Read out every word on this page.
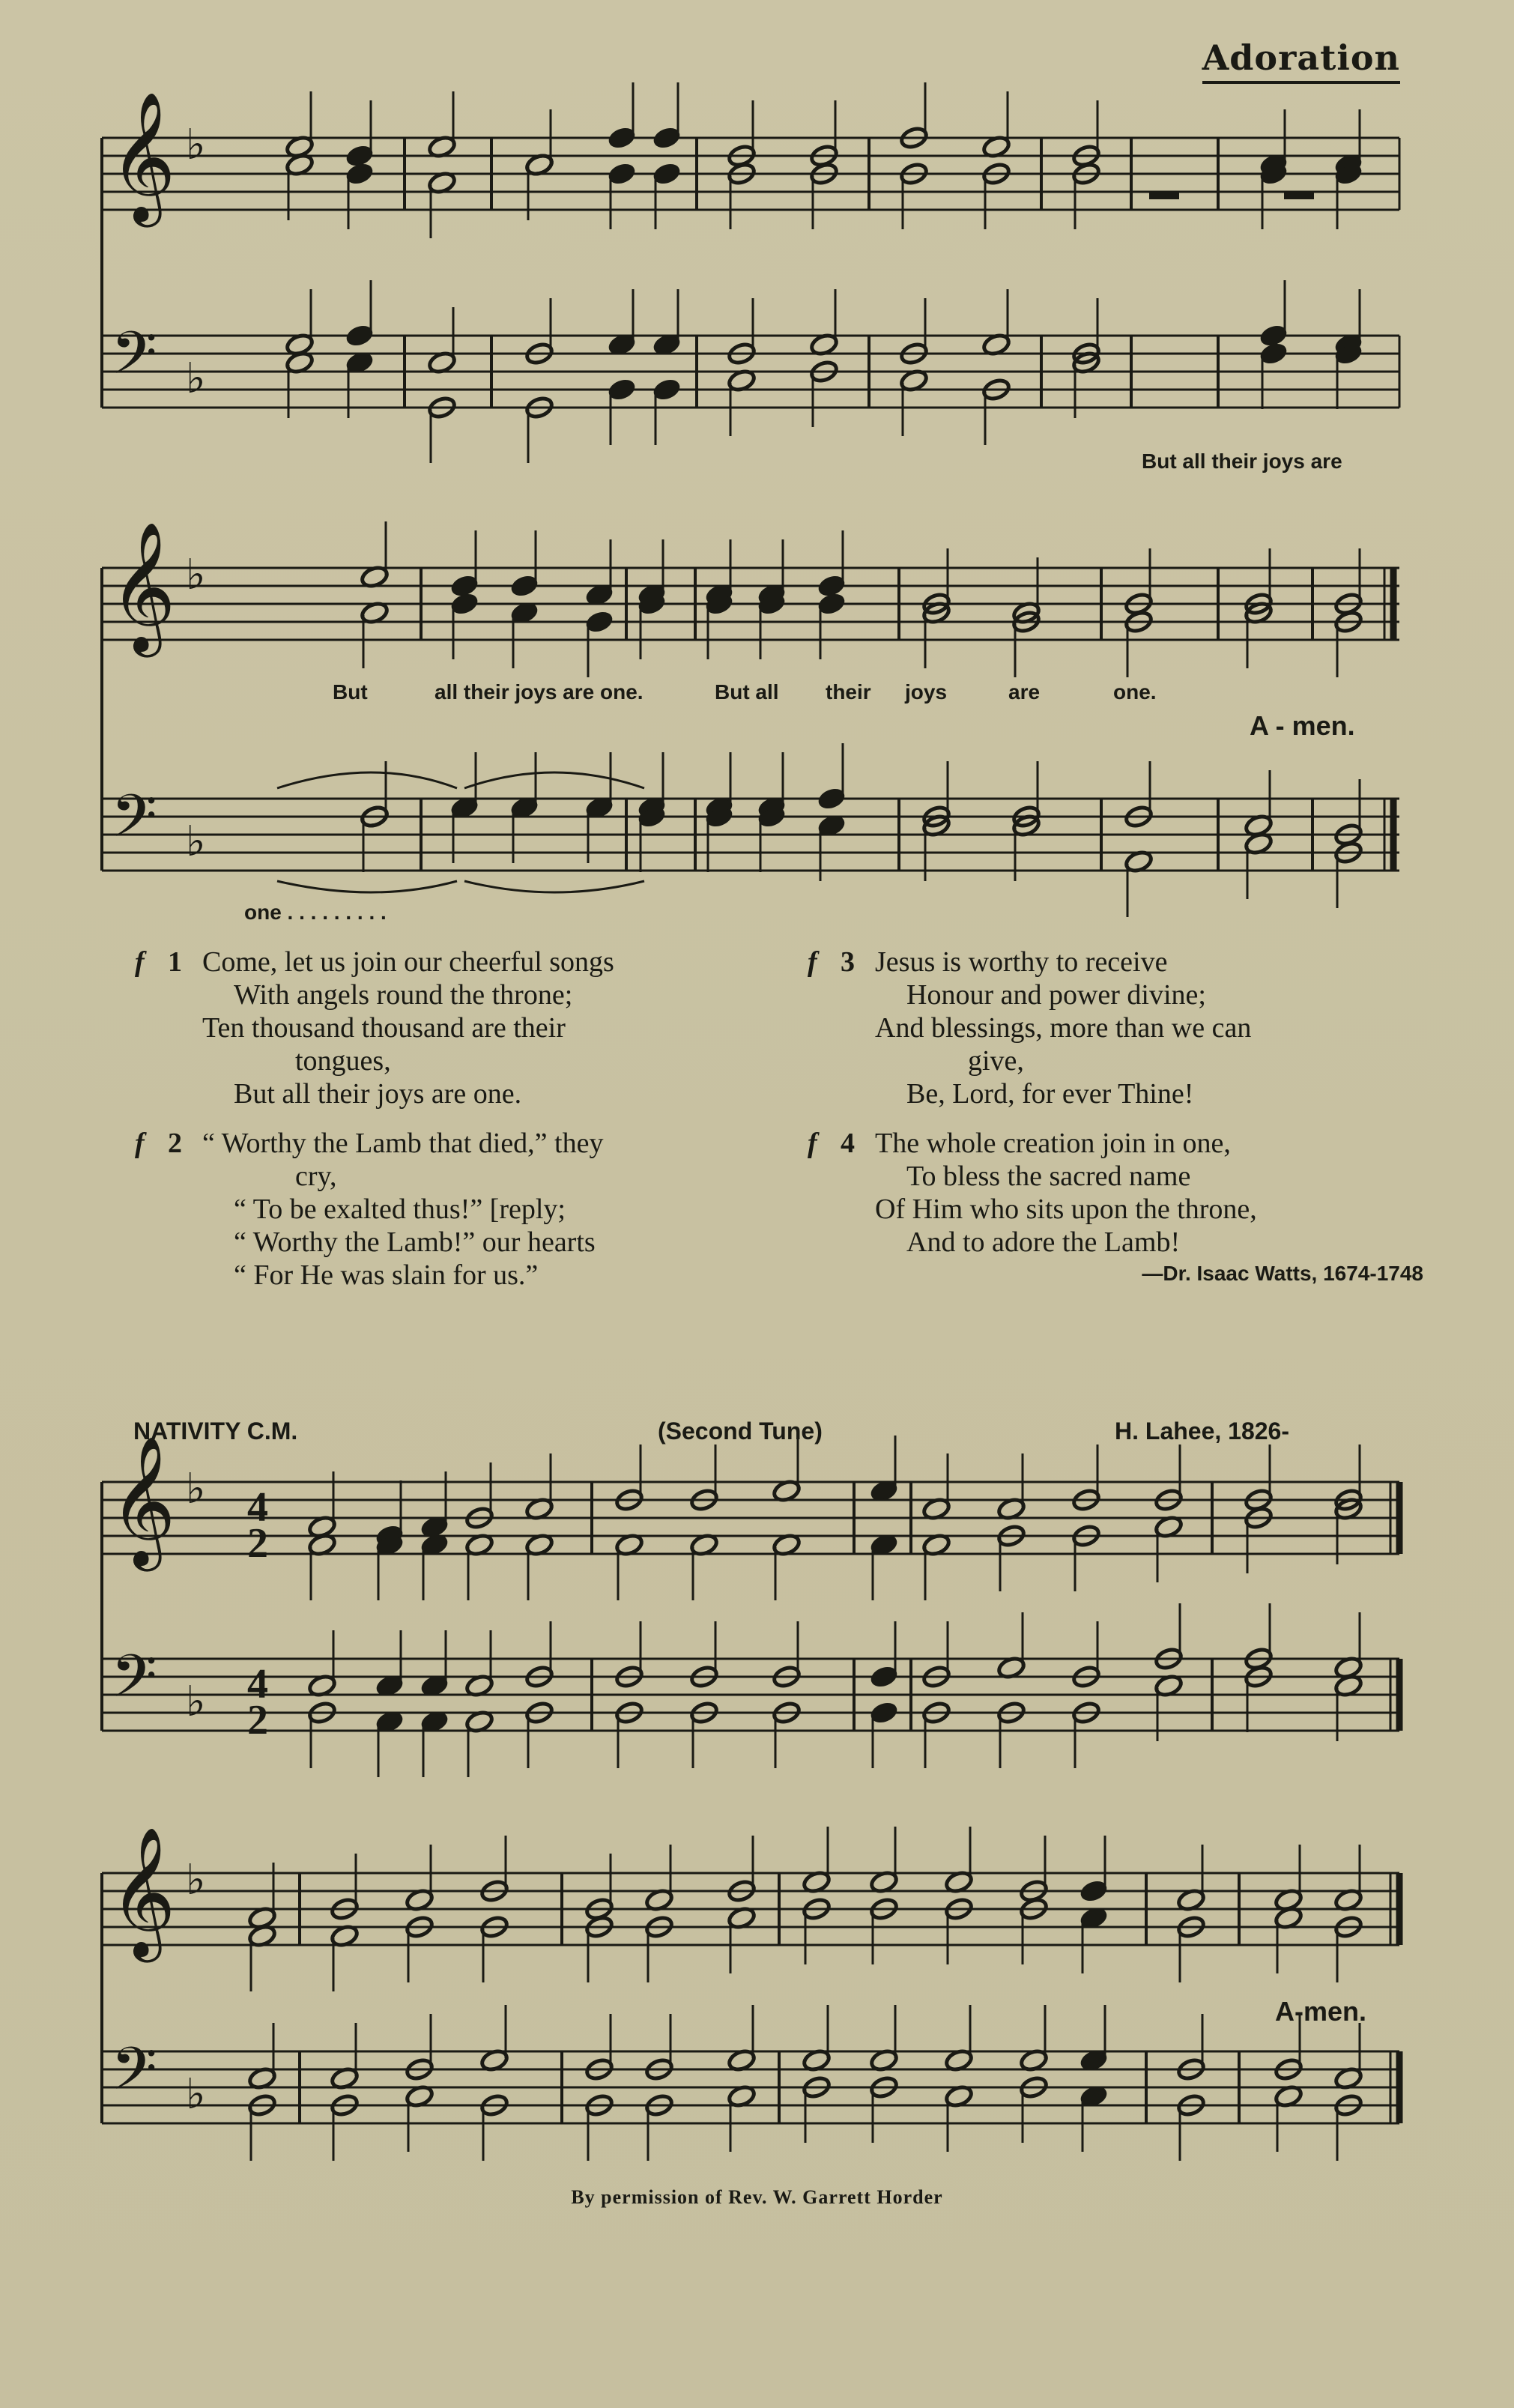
Adoration
𝄞
𝄢
♭
♭
𝄞
𝄢
♭
♭
𝄞
𝄢
♭
♭
𝄞
𝄢
♭
♭
4
2
4
2
But all their joys are
But	all their joys are one.	But all their joys	are	one.
A - men.
one . . . . . . . . .
f 1 Come, let us join our cheerful songs
With angels round the throne;
Ten thousand thousand are their
tongues,
But all their joys are one.
f 2 “ Worthy the Lamb that died,” they
cry,
“ To be exalted thus!” [reply;
“ Worthy the Lamb!” our hearts
“ For He was slain for us.”
f 3 Jesus is worthy to receive
Honour and power divine;
And blessings, more than we can
give,
Be, Lord, for ever Thine!
f 4 The whole creation join in one,
To bless the sacred name
Of Him who sits upon the throne,
And to adore the Lamb!
—Dr. Isaac Watts, 1674-1748
NATIVITY C.M.	(Second Tune)	H. Lahee, 1826-
A-men.
By permission of Rev. W. Garrett Horder
